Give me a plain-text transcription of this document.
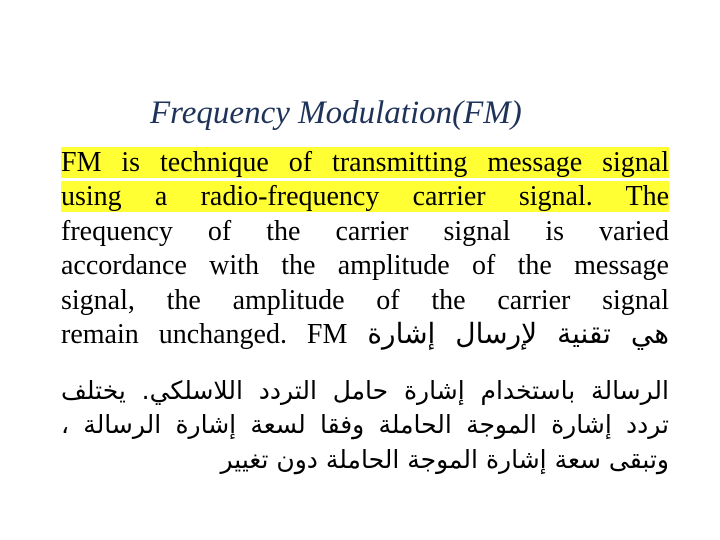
Frequency Modulation(FM)
FM is technique of transmitting message signal
using a radio-frequency carrier signal. The
frequency of the carrier signal is varied
accordance with the amplitude of the message
signal, the amplitude of the carrier signal
remain unchanged. FM هي تقنية لإرسال إشارة
الرسالة باستخدام إشارة حامل التردد اللاسلكي. يختلف
تردد إشارة الموجة الحاملة وفقا لسعة إشارة الرسالة ،
وتبقى سعة إشارة الموجة الحاملة دون تغيير
